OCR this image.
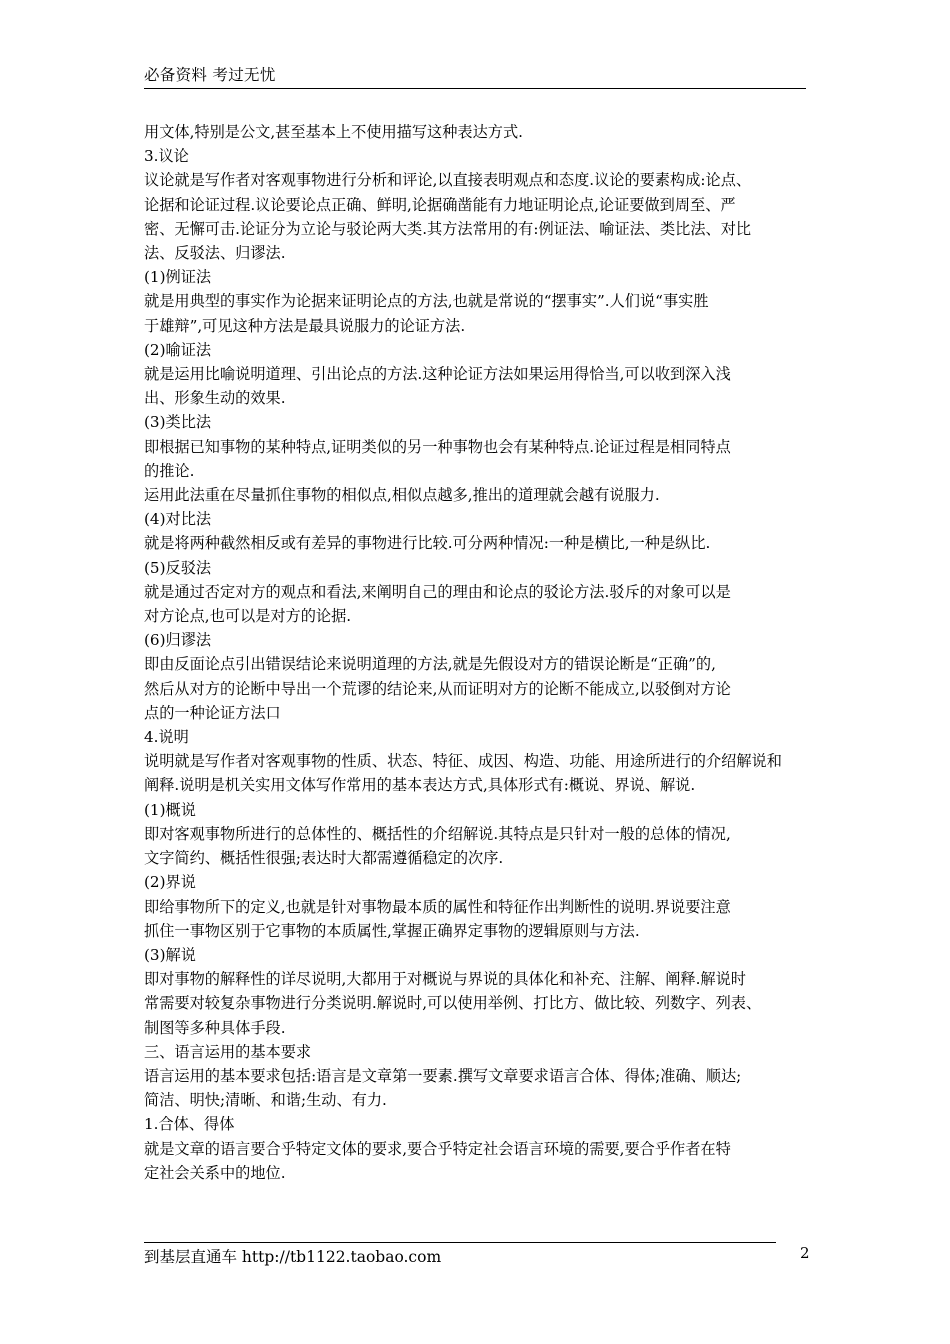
必备资料 考过无忧

用文体,特别是公文,甚至基本上不使用描写这种表达方式.

3.议论

议论就是写作者对客观事物进行分析和评论,以直接表明观点和态度.议论的要素构成:论点、

论据和论证过程.议论要论点正确、鲜明,论据确凿能有力地证明论点,论证要做到周至、严

密、无懈可击.论证分为立论与驳论两大类.其方法常用的有:例证法、喻证法、类比法、对比

法、反驳法、归谬法.

(1)例证法

就是用典型的事实作为论据来证明论点的方法,也就是常说的“摆事实”.人们说“事实胜

于雄辩”,可见这种方法是最具说服力的论证方法.

(2)喻证法

就是运用比喻说明道理、引出论点的方法.这种论证方法如果运用得恰当,可以收到深入浅

出、形象生动的效果.

(3)类比法

即根据已知事物的某种特点,证明类似的另一种事物也会有某种特点.论证过程是相同特点

的推论.

运用此法重在尽量抓住事物的相似点,相似点越多,推出的道理就会越有说服力.

(4)对比法

就是将两种截然相反或有差异的事物进行比较.可分两种情况:一种是横比,一种是纵比.

(5)反驳法

就是通过否定对方的观点和看法,来阐明自己的理由和论点的驳论方法.驳斥的对象可以是

对方论点,也可以是对方的论据.

(6)归谬法

即由反面论点引出错误结论来说明道理的方法,就是先假设对方的错误论断是“正确”的,

然后从对方的论断中导出一个荒谬的结论来,从而证明对方的论断不能成立,以驳倒对方论

点的一种论证方法口

4.说明

说明就是写作者对客观事物的性质、状态、特征、成因、构造、功能、用途所进行的介绍解说和

阐释.说明是机关实用文体写作常用的基本表达方式,具体形式有:概说、界说、解说.

(1)概说

即对客观事物所进行的总体性的、概括性的介绍解说.其特点是只针对一般的总体的情况,

文字简约、概括性很强;表达时大都需遵循稳定的次序.

(2)界说

即给事物所下的定义,也就是针对事物最本质的属性和特征作出判断性的说明.界说要注意

抓住一事物区别于它事物的本质属性,掌握正确界定事物的逻辑原则与方法.

(3)解说

即对事物的解释性的详尽说明,大都用于对概说与界说的具体化和补充、注解、阐释.解说时

常需要对较复杂事物进行分类说明.解说时,可以使用举例、打比方、做比较、列数字、列表、

制图等多种具体手段.

三、语言运用的基本要求

语言运用的基本要求包括:语言是文章第一要素.撰写文章要求语言合体、得体;准确、顺达;

简洁、明快;清晰、和谐;生动、有力.

1.合体、得体

就是文章的语言要合乎特定文体的要求,要合乎特定社会语言环境的需要,要合乎作者在特

定社会关系中的地位.

到基层直通车 http://tb1122.taobao.com	2
